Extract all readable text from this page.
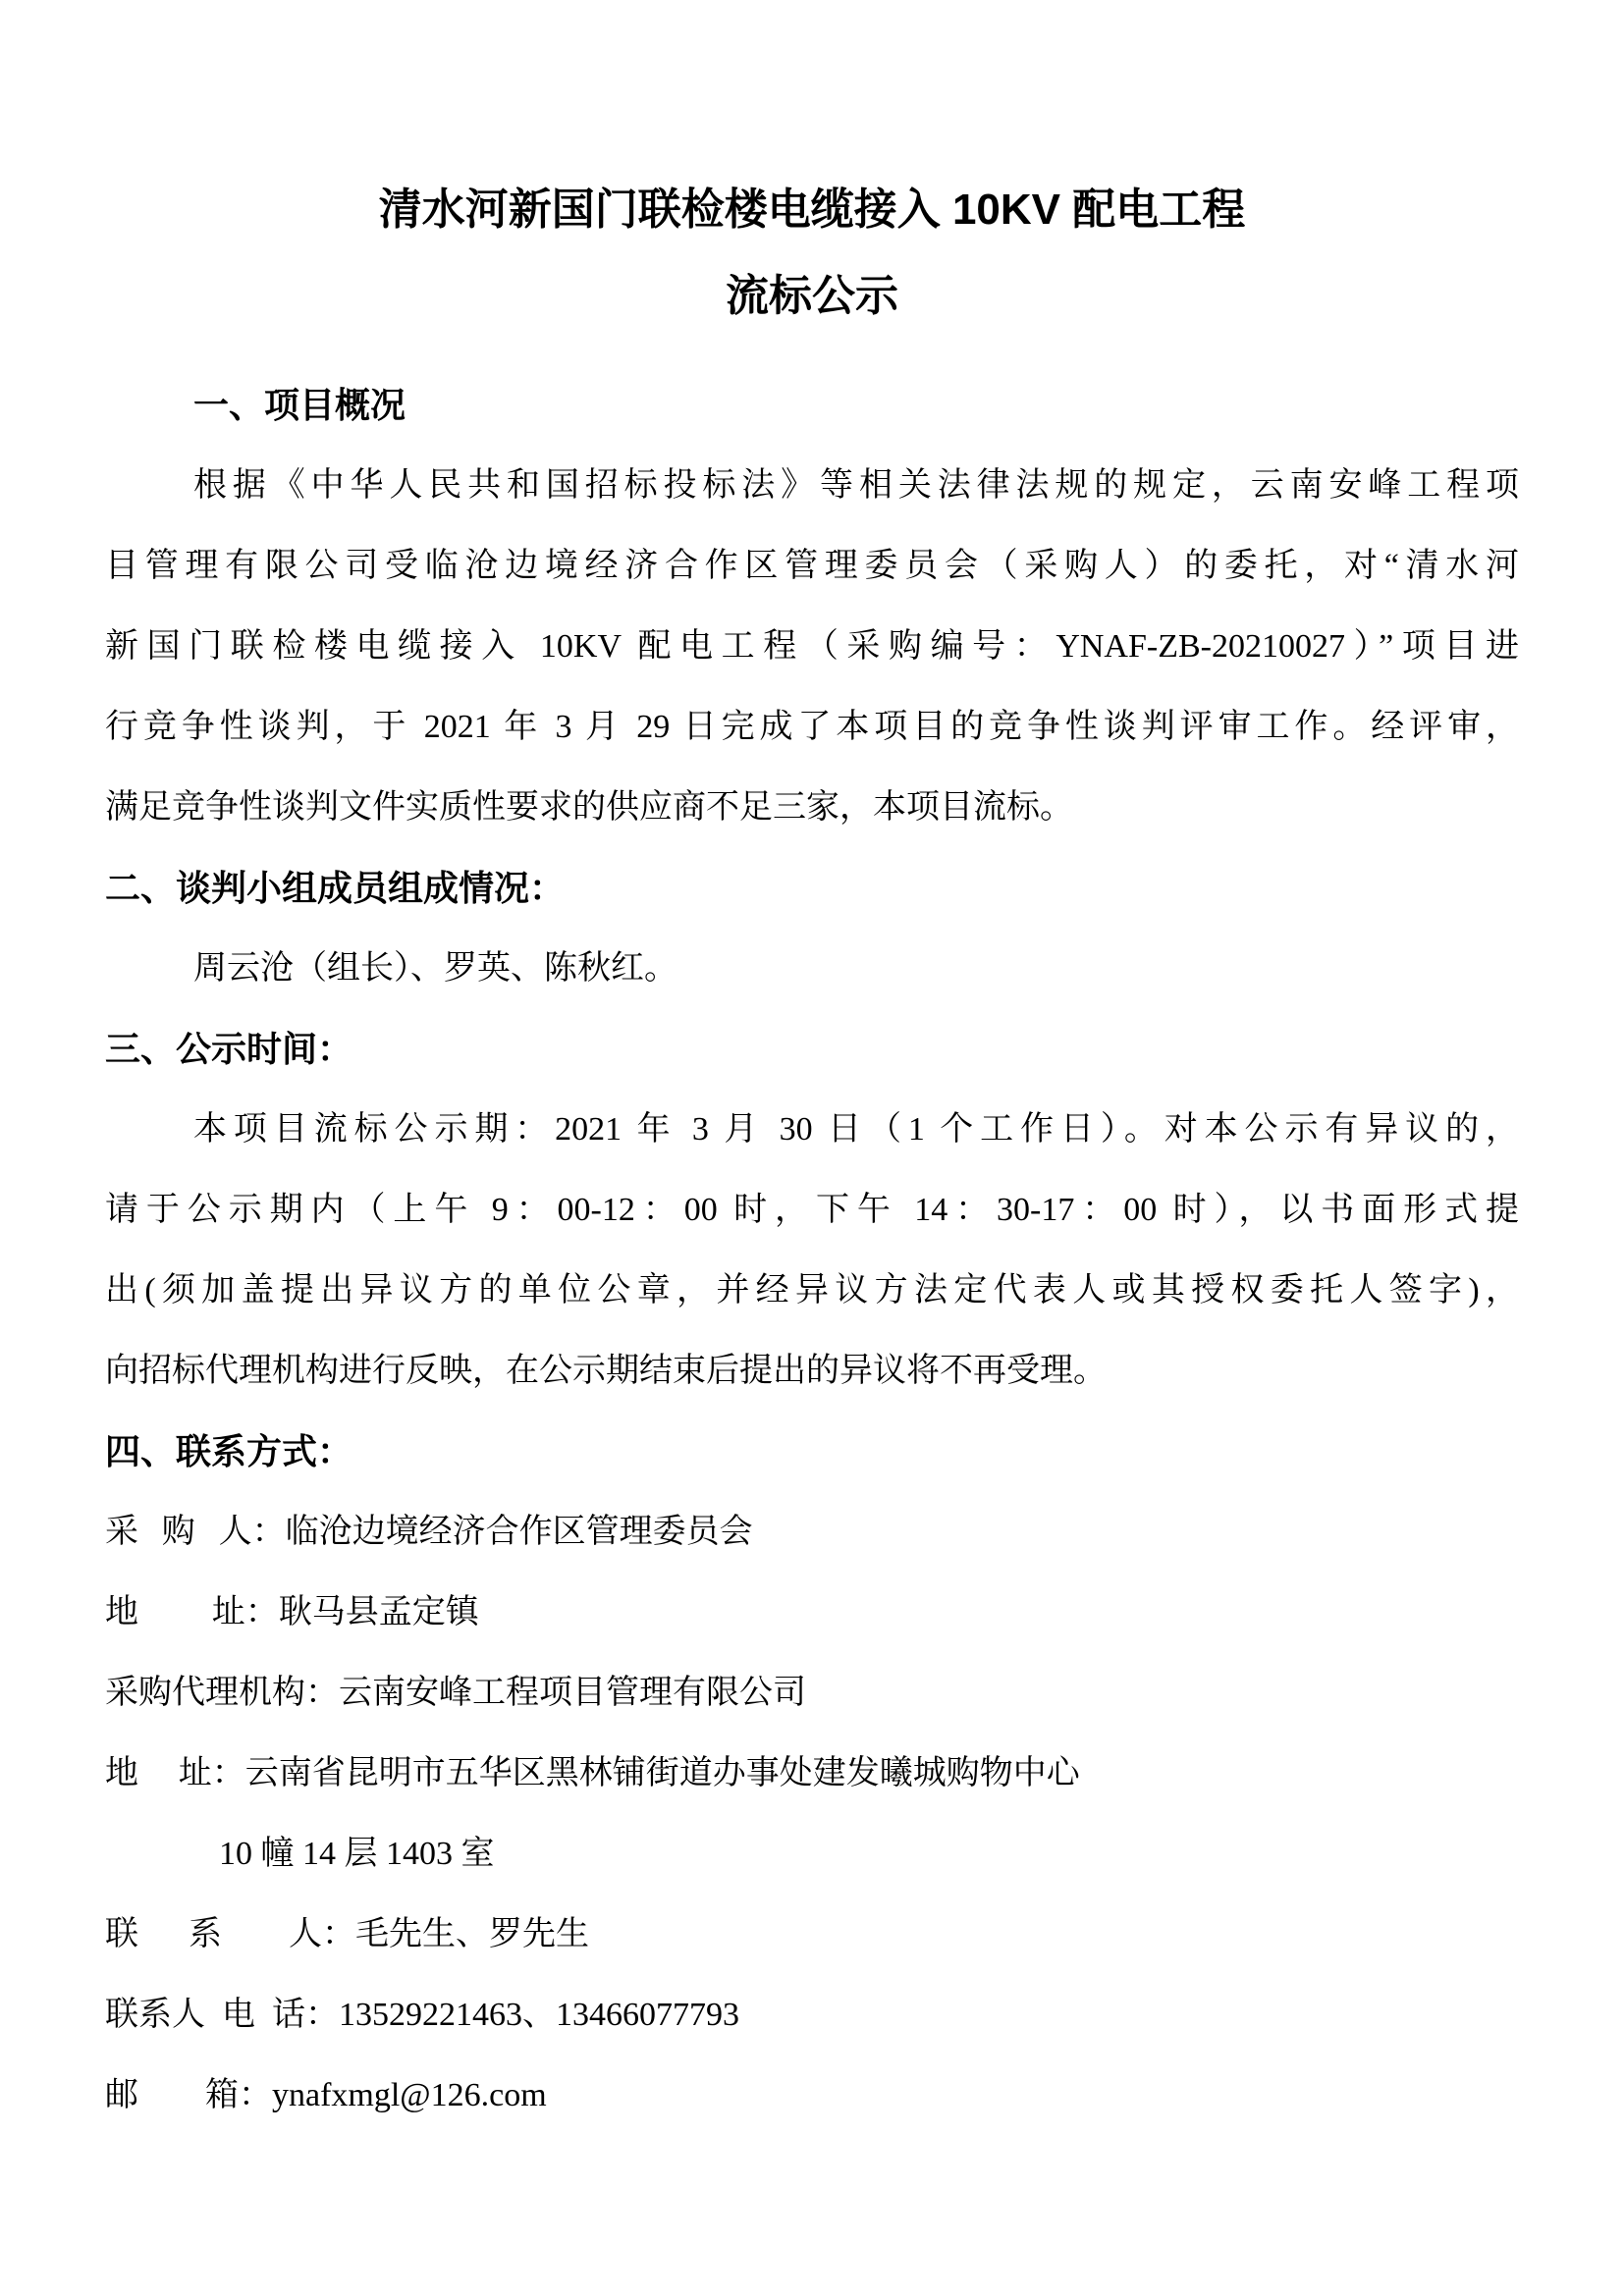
清水河新国门联检楼电缆接入 10KV 配电工程
流标公示
一、项目概况
根据《中华人民共和国招标投标法》等相关法律法规的规定，云南安峰工程项
目管理有限公司受临沧边境经济合作区管理委员会（采购人）的委托，对“清水河
新国门联检楼电缆接入 10KV 配电工程（采购编号：YNAF-ZB-20210027）”项目进
行竞争性谈判，于 2021 年 3 月 29 日完成了本项目的竞争性谈判评审工作。经评审，
满足竞争性谈判文件实质性要求的供应商不足三家，本项目流标。
二、谈判小组成员组成情况：
周云沧（组长）、罗英、陈秋红。
三、公示时间：
本项目流标公示期：2021 年 3 月 30 日（1 个工作日）。对本公示有异议的，
请于公示期内（上午 9：00-12：00 时，下午 14：30-17：00 时），以书面形式提
出(须加盖提出异议方的单位公章，并经异议方法定代表人或其授权委托人签字)，
向招标代理机构进行反映，在公示期结束后提出的异议将不再受理。
四、联系方式：
采  购  人：临沧边境经济合作区管理委员会
地　　 址：耿马县孟定镇
采购代理机构：云南安峰工程项目管理有限公司
地　 址：云南省昆明市五华区黑林铺街道办事处建发曦城购物中心
10 幢 14 层 1403 室
联　 系　　人：毛先生、罗先生
联系人 电 话：13529221463、13466077793
邮　　箱：ynafxmgl@126.com
